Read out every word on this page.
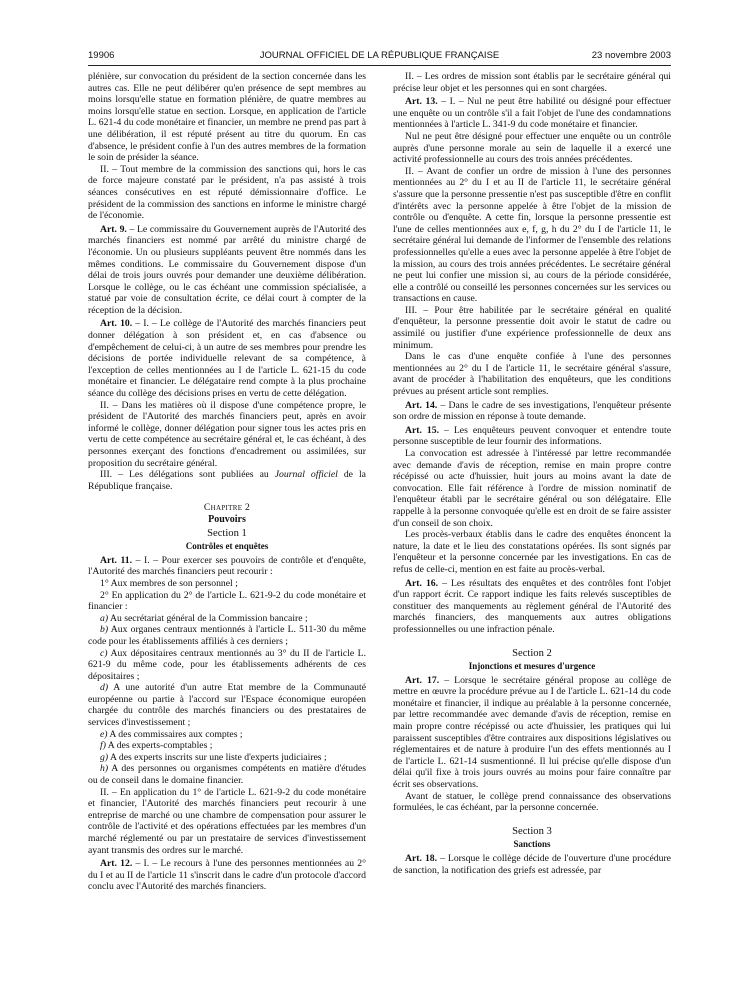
19906	JOURNAL OFFICIEL DE LA RÉPUBLIQUE FRANÇAISE	23 novembre 2003

plénière, sur convocation du président de la section concernée dans les autres cas. Elle ne peut délibérer qu'en présence de sept membres au moins lorsqu'elle statue en formation plénière, de quatre membres au moins lorsqu'elle statue en section. Lorsque, en application de l'article L. 621-4 du code monétaire et financier, un membre ne prend pas part à une délibération, il est réputé présent au titre du quorum. En cas d'absence, le président confie à l'un des autres membres de la formation le soin de présider la séance.

II. – Tout membre de la commission des sanctions qui, hors le cas de force majeure constaté par le président, n'a pas assisté à trois séances consécutives en est réputé démissionnaire d'office. Le président de la commission des sanctions en informe le ministre chargé de l'économie.

Art. 9. – Le commissaire du Gouvernement auprès de l'Autorité des marchés financiers est nommé par arrêté du ministre chargé de l'économie. Un ou plusieurs suppléants peuvent être nommés dans les mêmes conditions. Le commissaire du Gouvernement dispose d'un délai de trois jours ouvrés pour demander une deuxième délibération. Lorsque le collège, ou le cas échéant une commission spécialisée, a statué par voie de consultation écrite, ce délai court à compter de la réception de la décision.

Art. 10. – I. – Le collège de l'Autorité des marchés financiers peut donner délégation à son président et, en cas d'absence ou d'empêchement de celui-ci, à un autre de ses membres pour prendre les décisions de portée individuelle relevant de sa compétence, à l'exception de celles mentionnées au I de l'article L. 621-15 du code monétaire et financier. Le délégataire rend compte à la plus prochaine séance du collège des décisions prises en vertu de cette délégation.

II. – Dans les matières où il dispose d'une compétence propre, le président de l'Autorité des marchés financiers peut, après en avoir informé le collège, donner délégation pour signer tous les actes pris en vertu de cette compétence au secrétaire général et, le cas échéant, à des personnes exerçant des fonctions d'encadrement ou assimilées, sur proposition du secrétaire général.

III. – Les délégations sont publiées au Journal officiel de la République française.

Chapitre 2

Pouvoirs

Section 1

Contrôles et enquêtes

Art. 11. – I. – Pour exercer ses pouvoirs de contrôle et d'enquête, l'Autorité des marchés financiers peut recourir :

1° Aux membres de son personnel ;

2° En application du 2° de l'article L. 621-9-2 du code monétaire et financier :

a) Au secrétariat général de la Commission bancaire ;

b) Aux organes centraux mentionnés à l'article L. 511-30 du même code pour les établissements affiliés à ces derniers ;

c) Aux dépositaires centraux mentionnés au 3° du II de l'article L. 621-9 du même code, pour les établissements adhérents de ces dépositaires ;

d) A une autorité d'un autre Etat membre de la Communauté européenne ou partie à l'accord sur l'Espace économique européen chargée du contrôle des marchés financiers ou des prestataires de services d'investissement ;

e) A des commissaires aux comptes ;

f) A des experts-comptables ;

g) A des experts inscrits sur une liste d'experts judiciaires ;

h) A des personnes ou organismes compétents en matière d'études ou de conseil dans le domaine financier.

II. – En application du 1° de l'article L. 621-9-2 du code monétaire et financier, l'Autorité des marchés financiers peut recourir à une entreprise de marché ou une chambre de compensation pour assurer le contrôle de l'activité et des opérations effectuées par les membres d'un marché réglementé ou par un prestataire de services d'investissement ayant transmis des ordres sur le marché.

Art. 12. – I. – Le recours à l'une des personnes mentionnées au 2° du I et au II de l'article 11 s'inscrit dans le cadre d'un protocole d'accord conclu avec l'Autorité des marchés financiers.

II. – Les ordres de mission sont établis par le secrétaire général qui précise leur objet et les personnes qui en sont chargées.

Art. 13. – I. – Nul ne peut être habilité ou désigné pour effectuer une enquête ou un contrôle s'il a fait l'objet de l'une des condamnations mentionnées à l'article L. 341-9 du code monétaire et financier.

Nul ne peut être désigné pour effectuer une enquête ou un contrôle auprès d'une personne morale au sein de laquelle il a exercé une activité professionnelle au cours des trois années précédentes.

II. – Avant de confier un ordre de mission à l'une des personnes mentionnées au 2° du I et au II de l'article 11, le secrétaire général s'assure que la personne pressentie n'est pas susceptible d'être en conflit d'intérêts avec la personne appelée à être l'objet de la mission de contrôle ou d'enquête. A cette fin, lorsque la personne pressentie est l'une de celles mentionnées aux e, f, g, h du 2° du I de l'article 11, le secrétaire général lui demande de l'informer de l'ensemble des relations professionnelles qu'elle a eues avec la personne appelée à être l'objet de la mission, au cours des trois années précédentes. Le secrétaire général ne peut lui confier une mission si, au cours de la période considérée, elle a contrôlé ou conseillé les personnes concernées sur les services ou transactions en cause.

III. – Pour être habilitée par le secrétaire général en qualité d'enquêteur, la personne pressentie doit avoir le statut de cadre ou assimilé ou justifier d'une expérience professionnelle de deux ans minimum.

Dans le cas d'une enquête confiée à l'une des personnes mentionnées au 2° du I de l'article 11, le secrétaire général s'assure, avant de procéder à l'habilitation des enquêteurs, que les conditions prévues au présent article sont remplies.

Art. 14. – Dans le cadre de ses investigations, l'enquêteur présente son ordre de mission en réponse à toute demande.

Art. 15. – Les enquêteurs peuvent convoquer et entendre toute personne susceptible de leur fournir des informations.

La convocation est adressée à l'intéressé par lettre recommandée avec demande d'avis de réception, remise en main propre contre récépissé ou acte d'huissier, huit jours au moins avant la date de convocation. Elle fait référence à l'ordre de mission nominatif de l'enquêteur établi par le secrétaire général ou son délégataire. Elle rappelle à la personne convoquée qu'elle est en droit de se faire assister d'un conseil de son choix.

Les procès-verbaux établis dans le cadre des enquêtes énoncent la nature, la date et le lieu des constatations opérées. Ils sont signés par l'enquêteur et la personne concernée par les investigations. En cas de refus de celle-ci, mention en est faite au procès-verbal.

Art. 16. – Les résultats des enquêtes et des contrôles font l'objet d'un rapport écrit. Ce rapport indique les faits relevés susceptibles de constituer des manquements au règlement général de l'Autorité des marchés financiers, des manquements aux autres obligations professionnelles ou une infraction pénale.

Section 2

Injonctions et mesures d'urgence

Art. 17. – Lorsque le secrétaire général propose au collège de mettre en œuvre la procédure prévue au I de l'article L. 621-14 du code monétaire et financier, il indique au préalable à la personne concernée, par lettre recommandée avec demande d'avis de réception, remise en main propre contre récépissé ou acte d'huissier, les pratiques qui lui paraissent susceptibles d'être contraires aux dispositions législatives ou réglementaires et de nature à produire l'un des effets mentionnés au I de l'article L. 621-14 susmentionné. Il lui précise qu'elle dispose d'un délai qu'il fixe à trois jours ouvrés au moins pour faire connaître par écrit ses observations.

Avant de statuer, le collège prend connaissance des observations formulées, le cas échéant, par la personne concernée.

Section 3

Sanctions

Art. 18. – Lorsque le collège décide de l'ouverture d'une procédure de sanction, la notification des griefs est adressée, par
